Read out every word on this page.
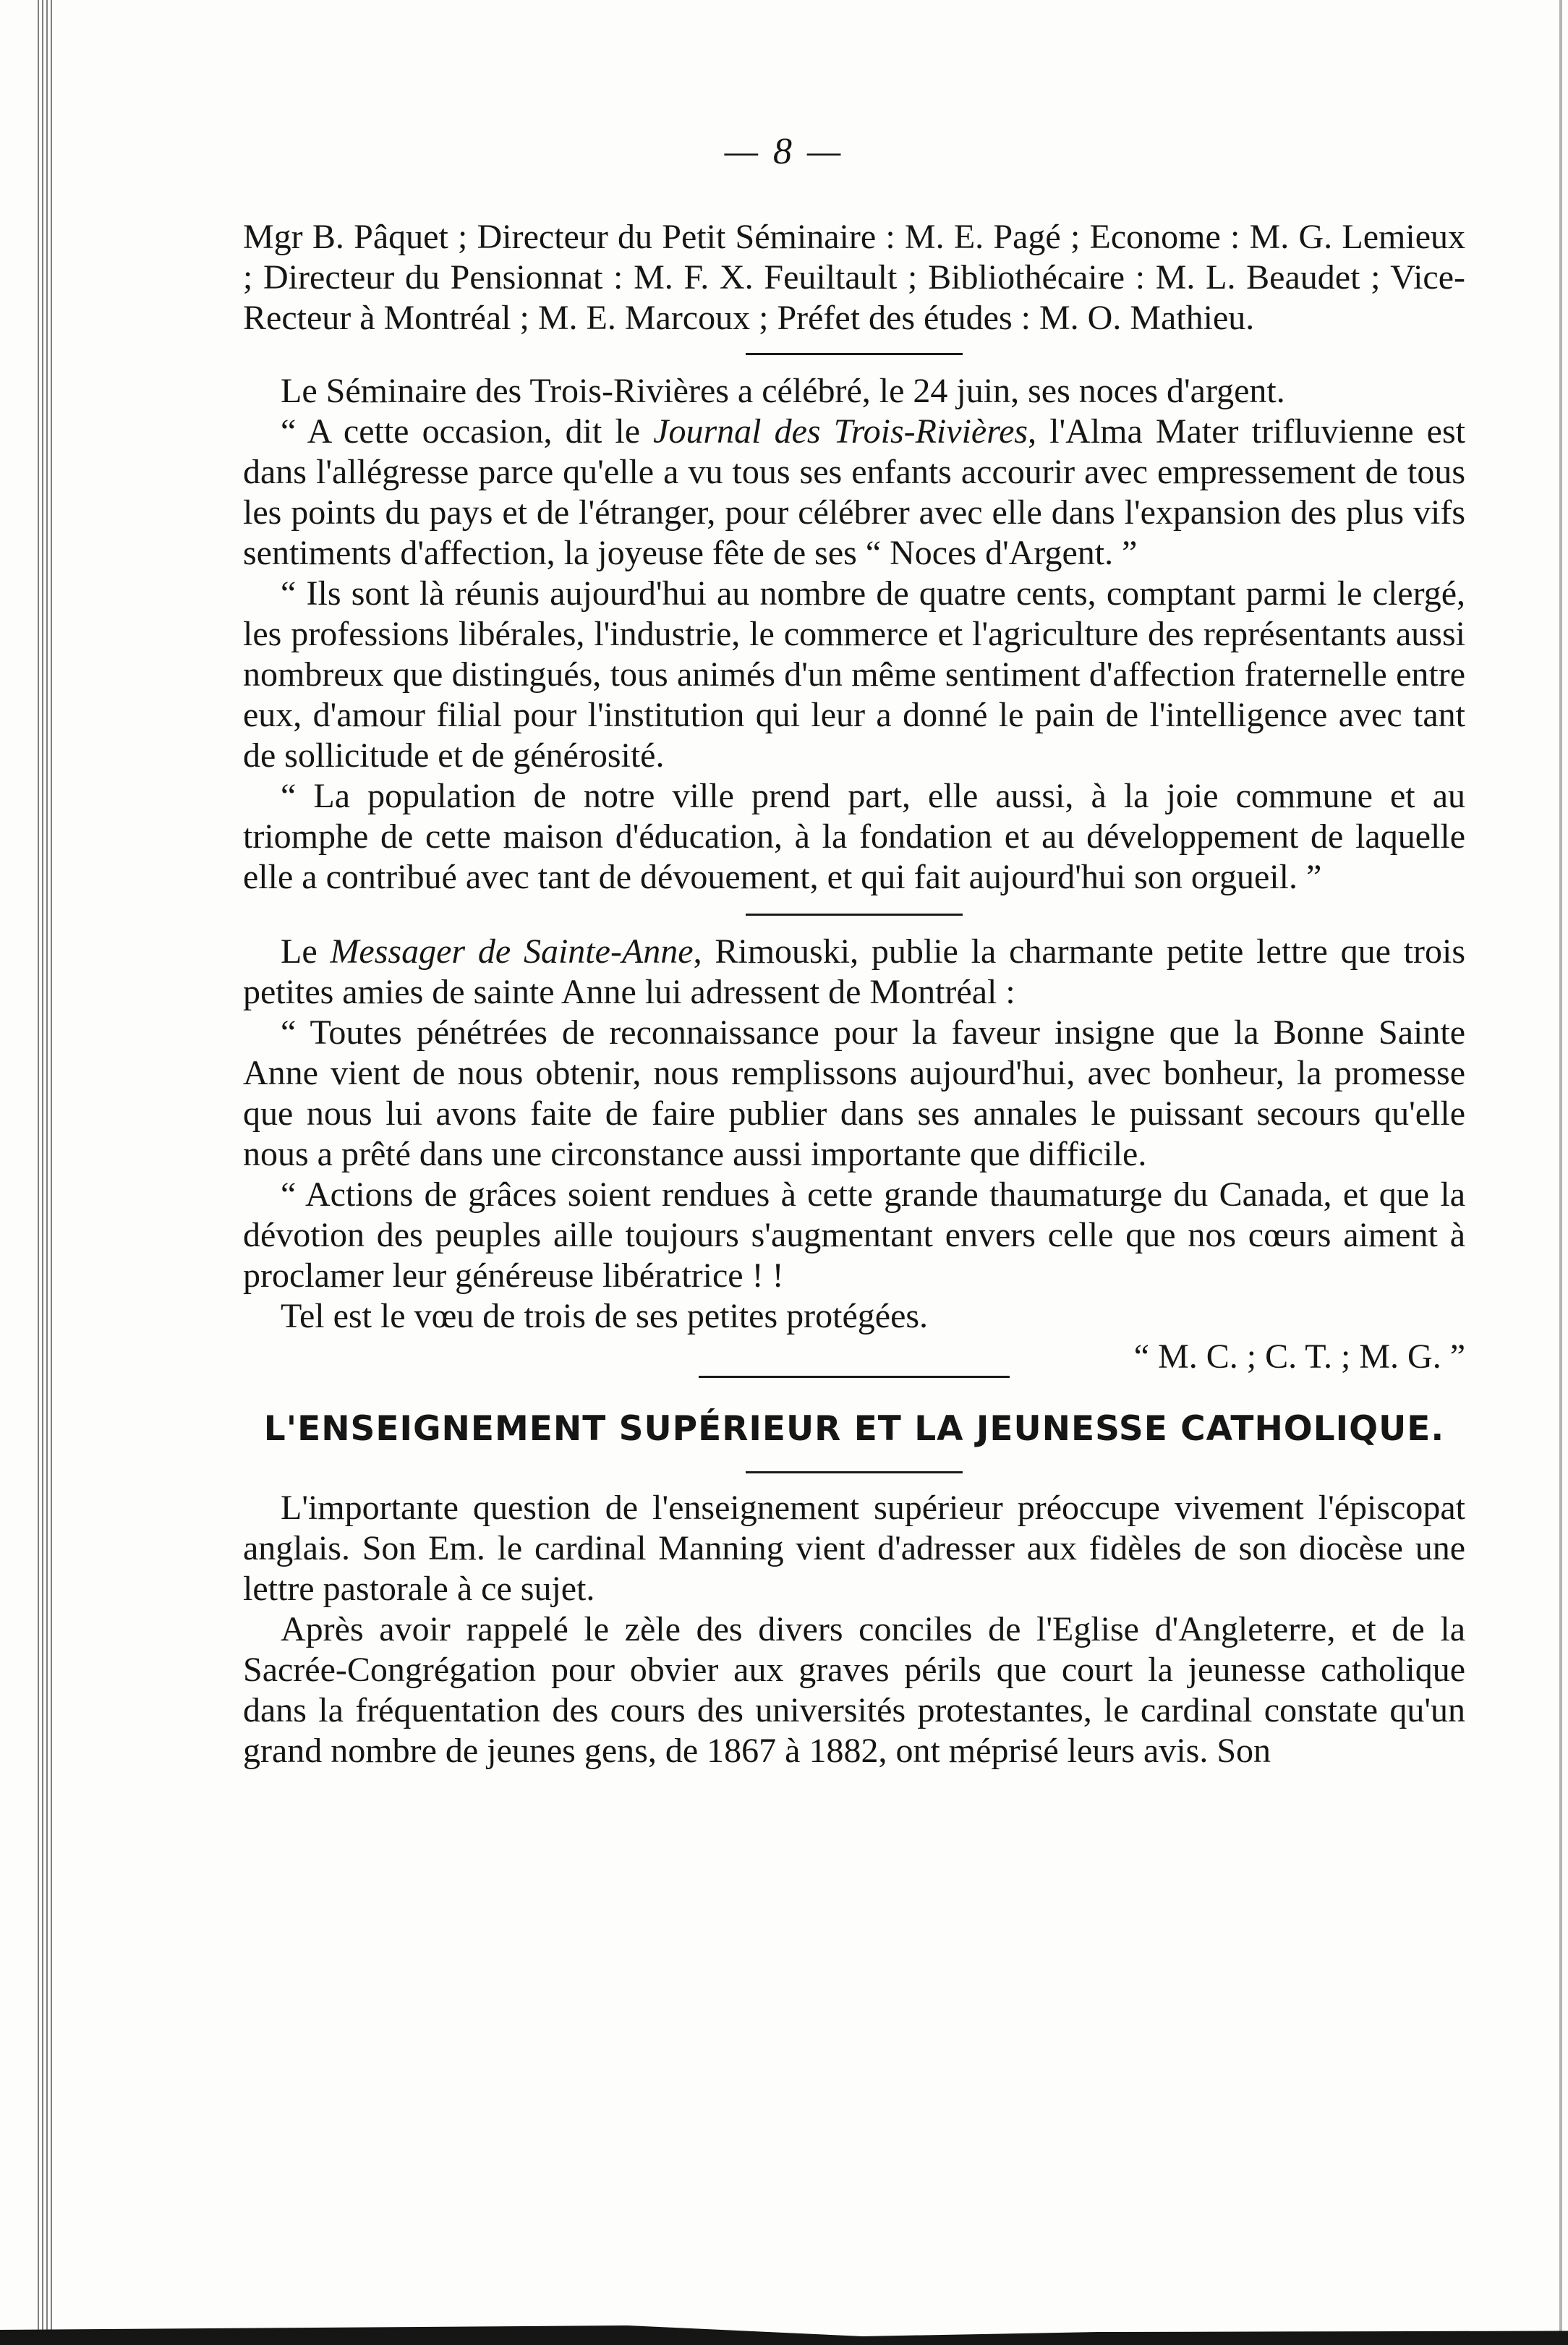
— 8 —

Mgr B. Pâquet ; Directeur du Petit Séminaire : M. E. Pagé ; Econome : M. G. Lemieux ; Directeur du Pensionnat : M. F. X. Feuiltault ; Bibliothécaire : M. L. Beaudet ; Vice-Recteur à Montréal ; M. E. Marcoux ; Préfet des études : M. O. Mathieu.

Le Séminaire des Trois-Rivières a célébré, le 24 juin, ses noces d'argent.

“ A cette occasion, dit le Journal des Trois-Rivières, l'Alma Mater trifluvienne est dans l'allégresse parce qu'elle a vu tous ses enfants accourir avec empressement de tous les points du pays et de l'étranger, pour célébrer avec elle dans l'expansion des plus vifs sentiments d'affection, la joyeuse fête de ses “ Noces d'Argent. ”

“ Ils sont là réunis aujourd'hui au nombre de quatre cents, comptant parmi le clergé, les professions libérales, l'industrie, le commerce et l'agriculture des représentants aussi nombreux que distingués, tous animés d'un même sentiment d'affection fraternelle entre eux, d'amour filial pour l'institution qui leur a donné le pain de l'intelligence avec tant de sollicitude et de générosité.

“ La population de notre ville prend part, elle aussi, à la joie commune et au triomphe de cette maison d'éducation, à la fondation et au développement de laquelle elle a contribué avec tant de dévouement, et qui fait aujourd'hui son orgueil. ”

Le Messager de Sainte-Anne, Rimouski, publie la charmante petite lettre que trois petites amies de sainte Anne lui adressent de Montréal :

“ Toutes pénétrées de reconnaissance pour la faveur insigne que la Bonne Sainte Anne vient de nous obtenir, nous remplissons aujourd'hui, avec bonheur, la promesse que nous lui avons faite de faire publier dans ses annales le puissant secours qu'elle nous a prêté dans une circonstance aussi importante que difficile.

“ Actions de grâces soient rendues à cette grande thaumaturge du Canada, et que la dévotion des peuples aille toujours s'augmentant envers celle que nos cœurs aiment à proclamer leur généreuse libératrice ! !

Tel est le vœu de trois de ses petites protégées.

“ M. C. ; C. T. ; M. G. ”

L'ENSEIGNEMENT SUPÉRIEUR ET LA JEUNESSE CATHOLIQUE.

L'importante question de l'enseignement supérieur préoccupe vivement l'épiscopat anglais. Son Em. le cardinal Manning vient d'adresser aux fidèles de son diocèse une lettre pastorale à ce sujet.

Après avoir rappelé le zèle des divers conciles de l'Eglise d'Angleterre, et de la Sacrée-Congrégation pour obvier aux graves périls que court la jeunesse catholique dans la fréquentation des cours des universités protestantes, le cardinal constate qu'un grand nombre de jeunes gens, de 1867 à 1882, ont méprisé leurs avis. Son
